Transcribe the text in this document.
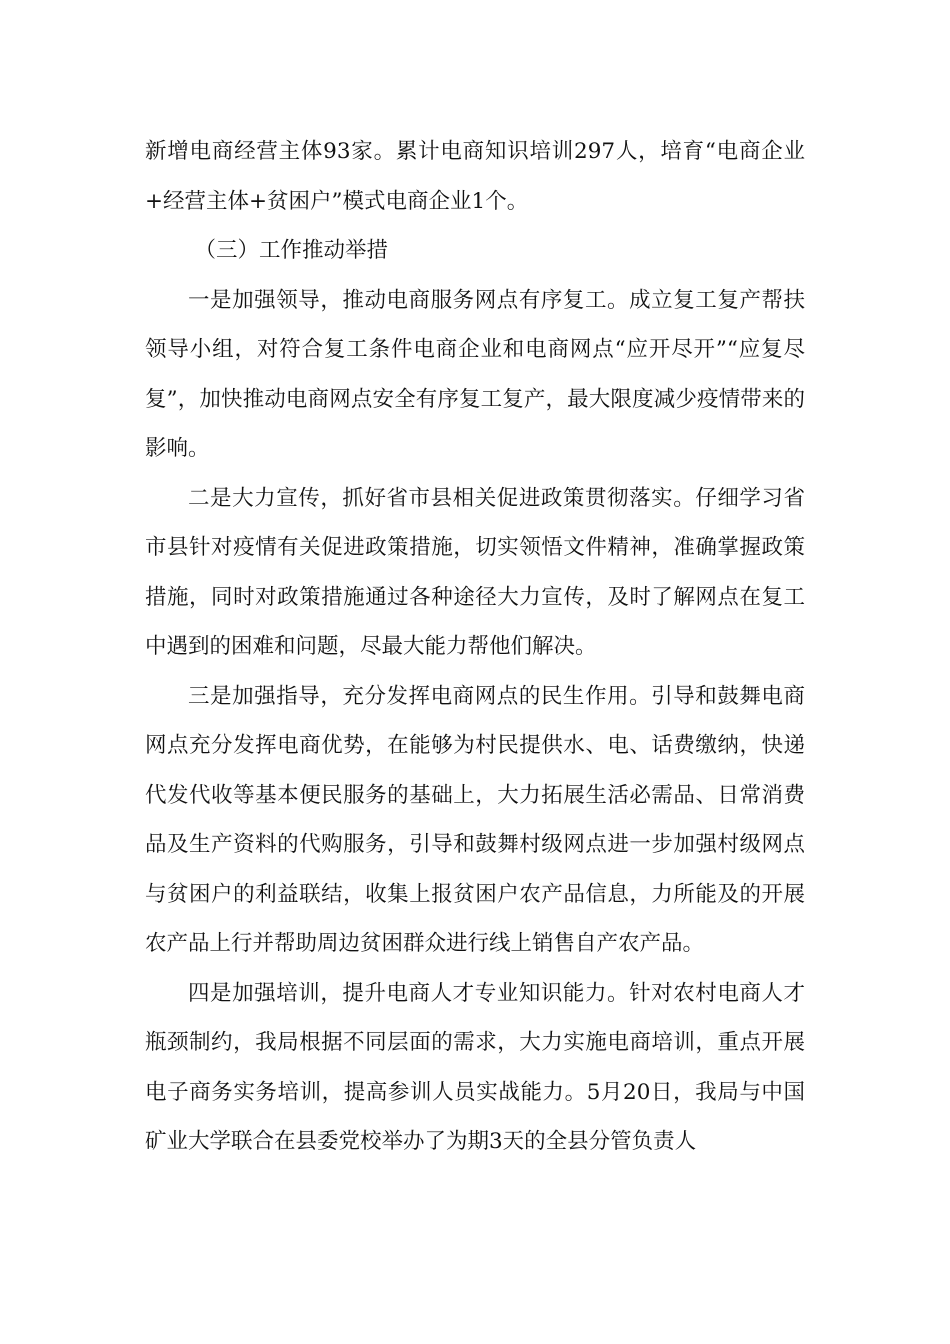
新增电商经营主体93家。累计电商知识培训297人，培育“电商企业+经营主体+贫困户”模式电商企业1个。

（三）工作推动举措

一是加强领导，推动电商服务网点有序复工。成立复工复产帮扶领导小组，对符合复工条件电商企业和电商网点“应开尽开”“应复尽复”，加快推动电商网点安全有序复工复产，最大限度减少疫情带来的影响。

二是大力宣传，抓好省市县相关促进政策贯彻落实。仔细学习省市县针对疫情有关促进政策措施，切实领悟文件精神，准确掌握政策措施，同时对政策措施通过各种途径大力宣传，及时了解网点在复工中遇到的困难和问题，尽最大能力帮他们解决。

三是加强指导，充分发挥电商网点的民生作用。引导和鼓舞电商网点充分发挥电商优势，在能够为村民提供水、电、话费缴纳，快递代发代收等基本便民服务的基础上，大力拓展生活必需品、日常消费品及生产资料的代购服务，引导和鼓舞村级网点进一步加强村级网点与贫困户的利益联结，收集上报贫困户农产品信息，力所能及的开展农产品上行并帮助周边贫困群众进行线上销售自产农产品。

四是加强培训，提升电商人才专业知识能力。针对农村电商人才瓶颈制约，我局根据不同层面的需求，大力实施电商培训，重点开展电子商务实务培训，提高参训人员实战能力。5月20日，我局与中国矿业大学联合在县委党校举办了为期3天的全县分管负责人
